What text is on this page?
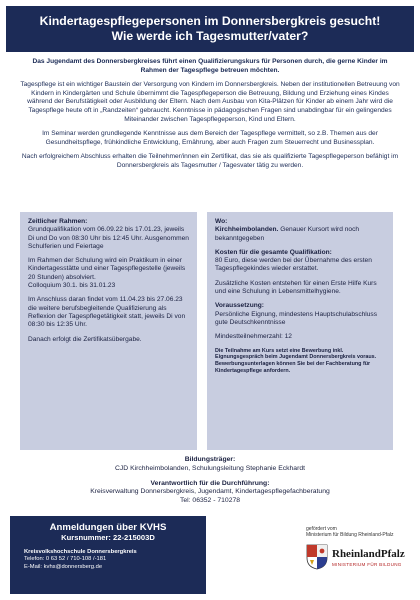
Kindertagespflegepersonen im Donnersbergkreis gesucht!
Wie werde ich Tagesmutter/vater?

Das Jugendamt des Donnersbergkreises führt einen Qualifizierungskurs für Personen durch, die gerne Kinder im Rahmen der Tagespflege betreuen möchten.

Tagespflege ist ein wichtiger Baustein der Versorgung von Kindern im Donnersbergkreis. Neben der institutionellen Betreuung von Kindern in Kindergärten und Schule übernimmt die Tagespflegeperson die Betreuung, Bildung und Erziehung eines Kindes während der Berufstätigkeit oder Ausbildung der Eltern. Nach dem Ausbau von Kita-Plätzen für Kinder ab einem Jahr wird die Tagespflege heute oft in „Randzeiten“ gebraucht. Kenntnisse in pädagogischen Fragen sind unabdingbar für ein gelingendes Miteinander zwischen Tagespflegeperson, Kind und Eltern.

Im Seminar werden grundlegende Kenntnisse aus dem Bereich der Tagespflege vermittelt, so z.B. Themen aus der Gesundheitspflege, frühkindliche Entwicklung, Ernährung, aber auch Fragen zum Steuerrecht und Businessplan.

Nach erfolgreichem Abschluss erhalten die Teilnehmer/innen ein Zertifikat, das sie als qualifizierte Tagespflegeperson befähigt im Donnersbergkreis als Tagesmutter / Tagesvater tätig zu werden.

Zeitlicher Rahmen:

Grundqualifikation vom 06.09.22 bis 17.01.23, jeweils Di und Do von 08:30 Uhr bis 12:45 Uhr. Ausgenommen Schulferien und Feiertage

Im Rahmen der Schulung wird ein Praktikum in einer Kindertagesstätte und einer Tagespflegestelle (jeweils 20 Stunden) absolviert.

Colloquium 30.1. bis 31.01.23

Im Anschluss daran findet vom 11.04.23 bis 27.06.23 die weitere berufsbegleitende Qualifizierung als Reflexion der Tagespflegetätigkeit statt, jeweils Di von 08:30 bis 12:35 Uhr.

Danach erfolgt die Zertifikatsübergabe.

Wo:

Kirchheimbolanden. Genauer Kursort wird noch bekanntgegeben

Kosten für die gesamte Qualifikation:

80 Euro, diese werden bei der Übernahme des ersten Tagespflegekindes wieder erstattet.

Zusätzliche Kosten entstehen für einen Erste Hilfe Kurs und eine Schulung in Lebensmittelhygiene.

Voraussetzung:

Persönliche Eignung, mindestens Hauptschulabschluss gute Deutschkenntnisse

Mindestteilnehmerzahl: 12

Die Teilnahme am Kurs setzt eine Bewerbung inkl. Eignungsgespräch beim Jugendamt Donnersbergkreis voraus. Bewerbungsunterlagen können Sie bei der Fachberatung für Kindertagespflege anfordern.

Bildungsträger:

CJD Kirchheimbolanden, Schulungsleitung Stephanie Eckhardt

Verantwortlich für die Durchführung:
Kreisverwaltung Donnersbergkreis, Jugendamt, Kindertagespflegefachberatung
Tel: 06352 - 710278
Anmeldungen über KVHS
Kursnummer: 22-215003D
Kreisvolkshochschule Donnersbergkreis
Telefon: 0 63 52 / 710-108 /-181
E-Mail: kvhs@donnersberg.de
gefördert vom
Ministerium für Bildung Rheinland-Pfalz
RheinlandPfalz
MINISTERIUM FÜR BILDUNG
